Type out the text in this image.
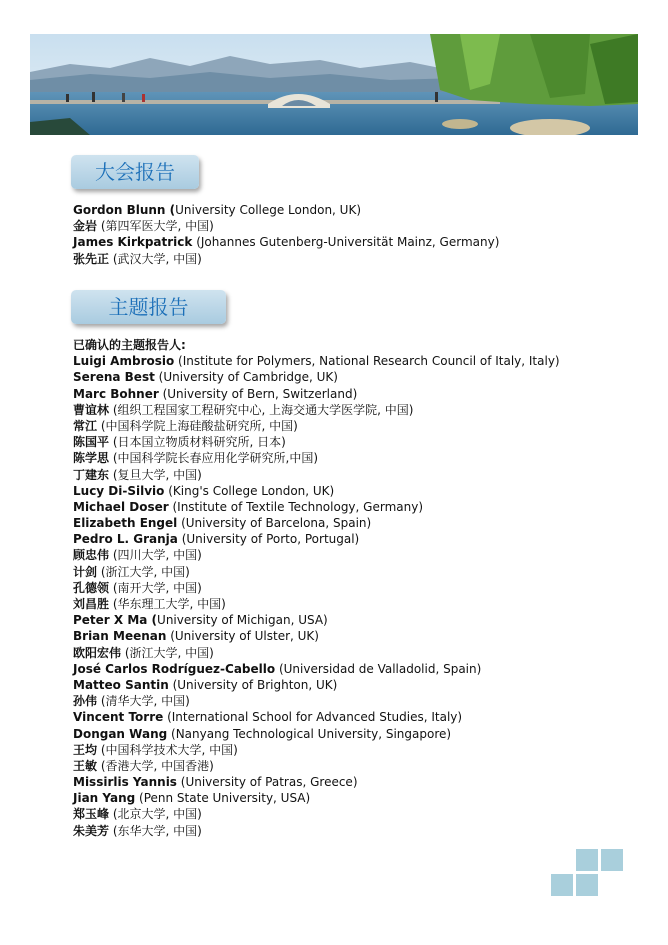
大会报告
Gordon Blunn (University College London, UK)
金岩 (第四军医大学, 中国)
James Kirkpatrick (Johannes Gutenberg-Universität Mainz, Germany)
张先正 (武汉大学, 中国)
主题报告
已确认的主题报告人:
Luigi Ambrosio (Institute for Polymers, National Research Council of Italy, Italy)
Serena Best (University of Cambridge, UK)
Marc Bohner (University of Bern, Switzerland)
曹谊林 (组织工程国家工程研究中心, 上海交通大学医学院, 中国)
常江 (中国科学院上海硅酸盐研究所, 中国)
陈国平 (日本国立物质材料研究所, 日本)
陈学思 (中国科学院长春应用化学研究所,中国)
丁建东 (复旦大学, 中国)
Lucy Di-Silvio (King's College London, UK)
Michael Doser (Institute of Textile Technology, Germany)
Elizabeth Engel (University of Barcelona, Spain)
Pedro L. Granja (University of Porto, Portugal)
顾忠伟 (四川大学, 中国)
计剑 (浙江大学, 中国)
孔德领 (南开大学, 中国)
刘昌胜 (华东理工大学, 中国)
Peter X Ma (University of Michigan, USA)
Brian Meenan (University of Ulster, UK)
欧阳宏伟 (浙江大学, 中国)
José Carlos Rodríguez-Cabello (Universidad de Valladolid, Spain)
Matteo Santin (University of Brighton, UK)
孙伟 (清华大学, 中国)
Vincent Torre (International School for Advanced Studies, Italy)
Dongan Wang (Nanyang Technological University, Singapore)
王均 (中国科学技术大学, 中国)
王敏 (香港大学, 中国香港)
Missirlis Yannis (University of Patras, Greece)
Jian Yang (Penn State University, USA)
郑玉峰 (北京大学, 中国)
朱美芳 (东华大学, 中国)
